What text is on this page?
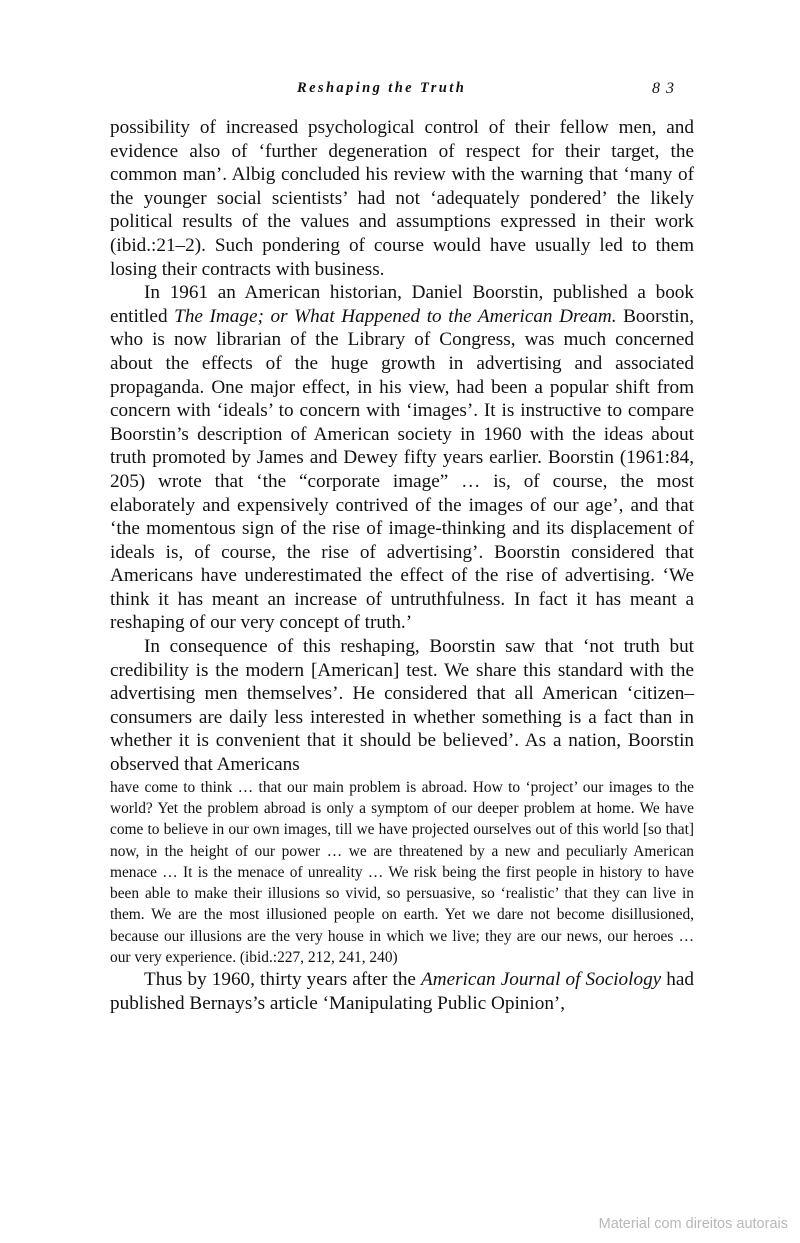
Reshaping the Truth	83

possibility of increased psychological control of their fellow men, and evidence also of ‘further degeneration of respect for their target, the common man’. Albig concluded his review with the warning that ‘many of the younger social scientists’ had not ‘adequately pondered’ the likely political results of the values and assumptions expressed in their work (ibid.:21–2). Such pondering of course would have usually led to them losing their contracts with business.

In 1961 an American historian, Daniel Boorstin, published a book entitled The Image; or What Happened to the American Dream. Boorstin, who is now librarian of the Library of Congress, was much concerned about the effects of the huge growth in advertising and associated propaganda. One major effect, in his view, had been a popular shift from concern with ‘ideals’ to concern with ‘images’. It is instructive to compare Boorstin’s description of American society in 1960 with the ideas about truth promoted by James and Dewey fifty years earlier. Boorstin (1961:84, 205) wrote that ‘the “corporate image” … is, of course, the most elaborately and expensively contrived of the images of our age’, and that ‘the momentous sign of the rise of image-thinking and its displacement of ideals is, of course, the rise of advertising’. Boorstin considered that Americans have underestimated the effect of the rise of advertising. ‘We think it has meant an increase of untruthfulness. In fact it has meant a reshaping of our very concept of truth.’

In consequence of this reshaping, Boorstin saw that ‘not truth but credibility is the modern [American] test. We share this standard with the advertising men themselves’. He considered that all American ‘citizen–consumers are daily less interested in whether something is a fact than in whether it is convenient that it should be believed’. As a nation, Boorstin observed that Americans

have come to think … that our main problem is abroad. How to ‘project’ our images to the world? Yet the problem abroad is only a symptom of our deeper problem at home. We have come to believe in our own images, till we have projected ourselves out of this world [so that] now, in the height of our power … we are threatened by a new and peculiarly American menace … It is the menace of unreality … We risk being the first people in history to have been able to make their illusions so vivid, so persuasive, so ‘realistic’ that they can live in them. We are the most illusioned people on earth. Yet we dare not become disillusioned, because our illusions are the very house in which we live; they are our news, our heroes … our very experience. (ibid.:227, 212, 241, 240)

Thus by 1960, thirty years after the American Journal of Sociology had published Bernays’s article ‘Manipulating Public Opinion’,

Material com direitos autorais
